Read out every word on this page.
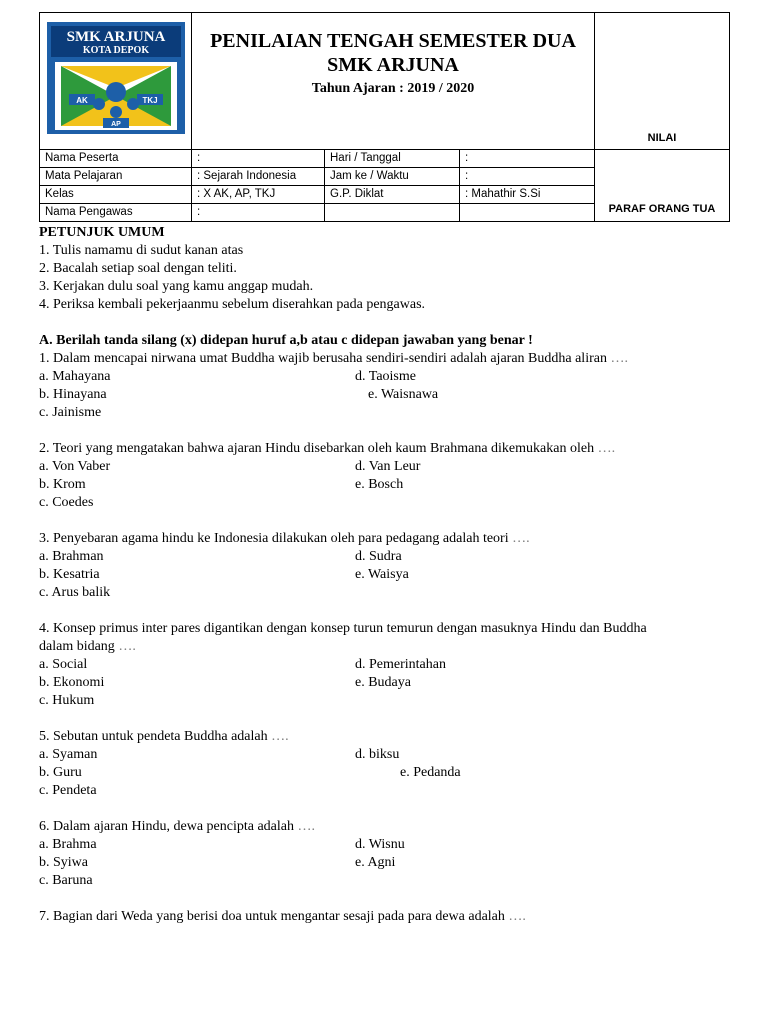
SMK ARJUNA
KOTA DEPOK
AK TKJ
AP	PENILAIAN TENGAH SEMESTER DUA
SMK ARJUNA
Tahun Ajaran : 2019 / 2020			NILAI
Nama Peserta	:	Hari / Tanggal	:	PARAF ORANG TUA
Mata Pelajaran	: Sejarah Indonesia	Jam ke / Waktu	:	
Kelas	: X AK, AP, TKJ	G.P. Diklat	: Mahathir S.Si	
Nama Pengawas	:			
PETUNJUK UMUM
1. Tulis namamu di sudut kanan atas
2. Bacalah setiap soal dengan teliti.
3. Kerjakan dulu soal yang kamu anggap mudah.
4. Periksa kembali pekerjaanmu sebelum diserahkan pada pengawas.
A. Berilah tanda silang (x) didepan huruf a,b atau c didepan jawaban yang benar !
1. Dalam mencapai nirwana umat Buddha wajib berusaha sendiri-sendiri adalah ajaran Buddha aliran ….
a. Mahayana	d. Taoisme
b. Hinayana	e. Waisnawa
c. Jainisme
2. Teori yang mengatakan bahwa ajaran Hindu disebarkan oleh kaum Brahmana dikemukakan oleh ….
a. Von Vaber	d. Van Leur
b. Krom	e. Bosch
c. Coedes
3. Penyebaran agama hindu ke Indonesia dilakukan oleh para pedagang adalah teori ….
a. Brahman	d. Sudra
b. Kesatria	e. Waisya
c. Arus balik
4. Konsep primus inter pares digantikan dengan konsep turun temurun dengan masuknya Hindu dan Buddha
dalam bidang ….
a. Social	d. Pemerintahan
b. Ekonomi	e. Budaya
c. Hukum
5. Sebutan untuk pendeta Buddha adalah ….
a. Syaman	d. biksu
b. Guru	e. Pedanda
c. Pendeta
6. Dalam ajaran Hindu, dewa pencipta adalah ….
a. Brahma	d. Wisnu
b. Syiwa	e. Agni
c. Baruna
7. Bagian dari Weda yang berisi doa untuk mengantar sesaji pada para dewa adalah ….
